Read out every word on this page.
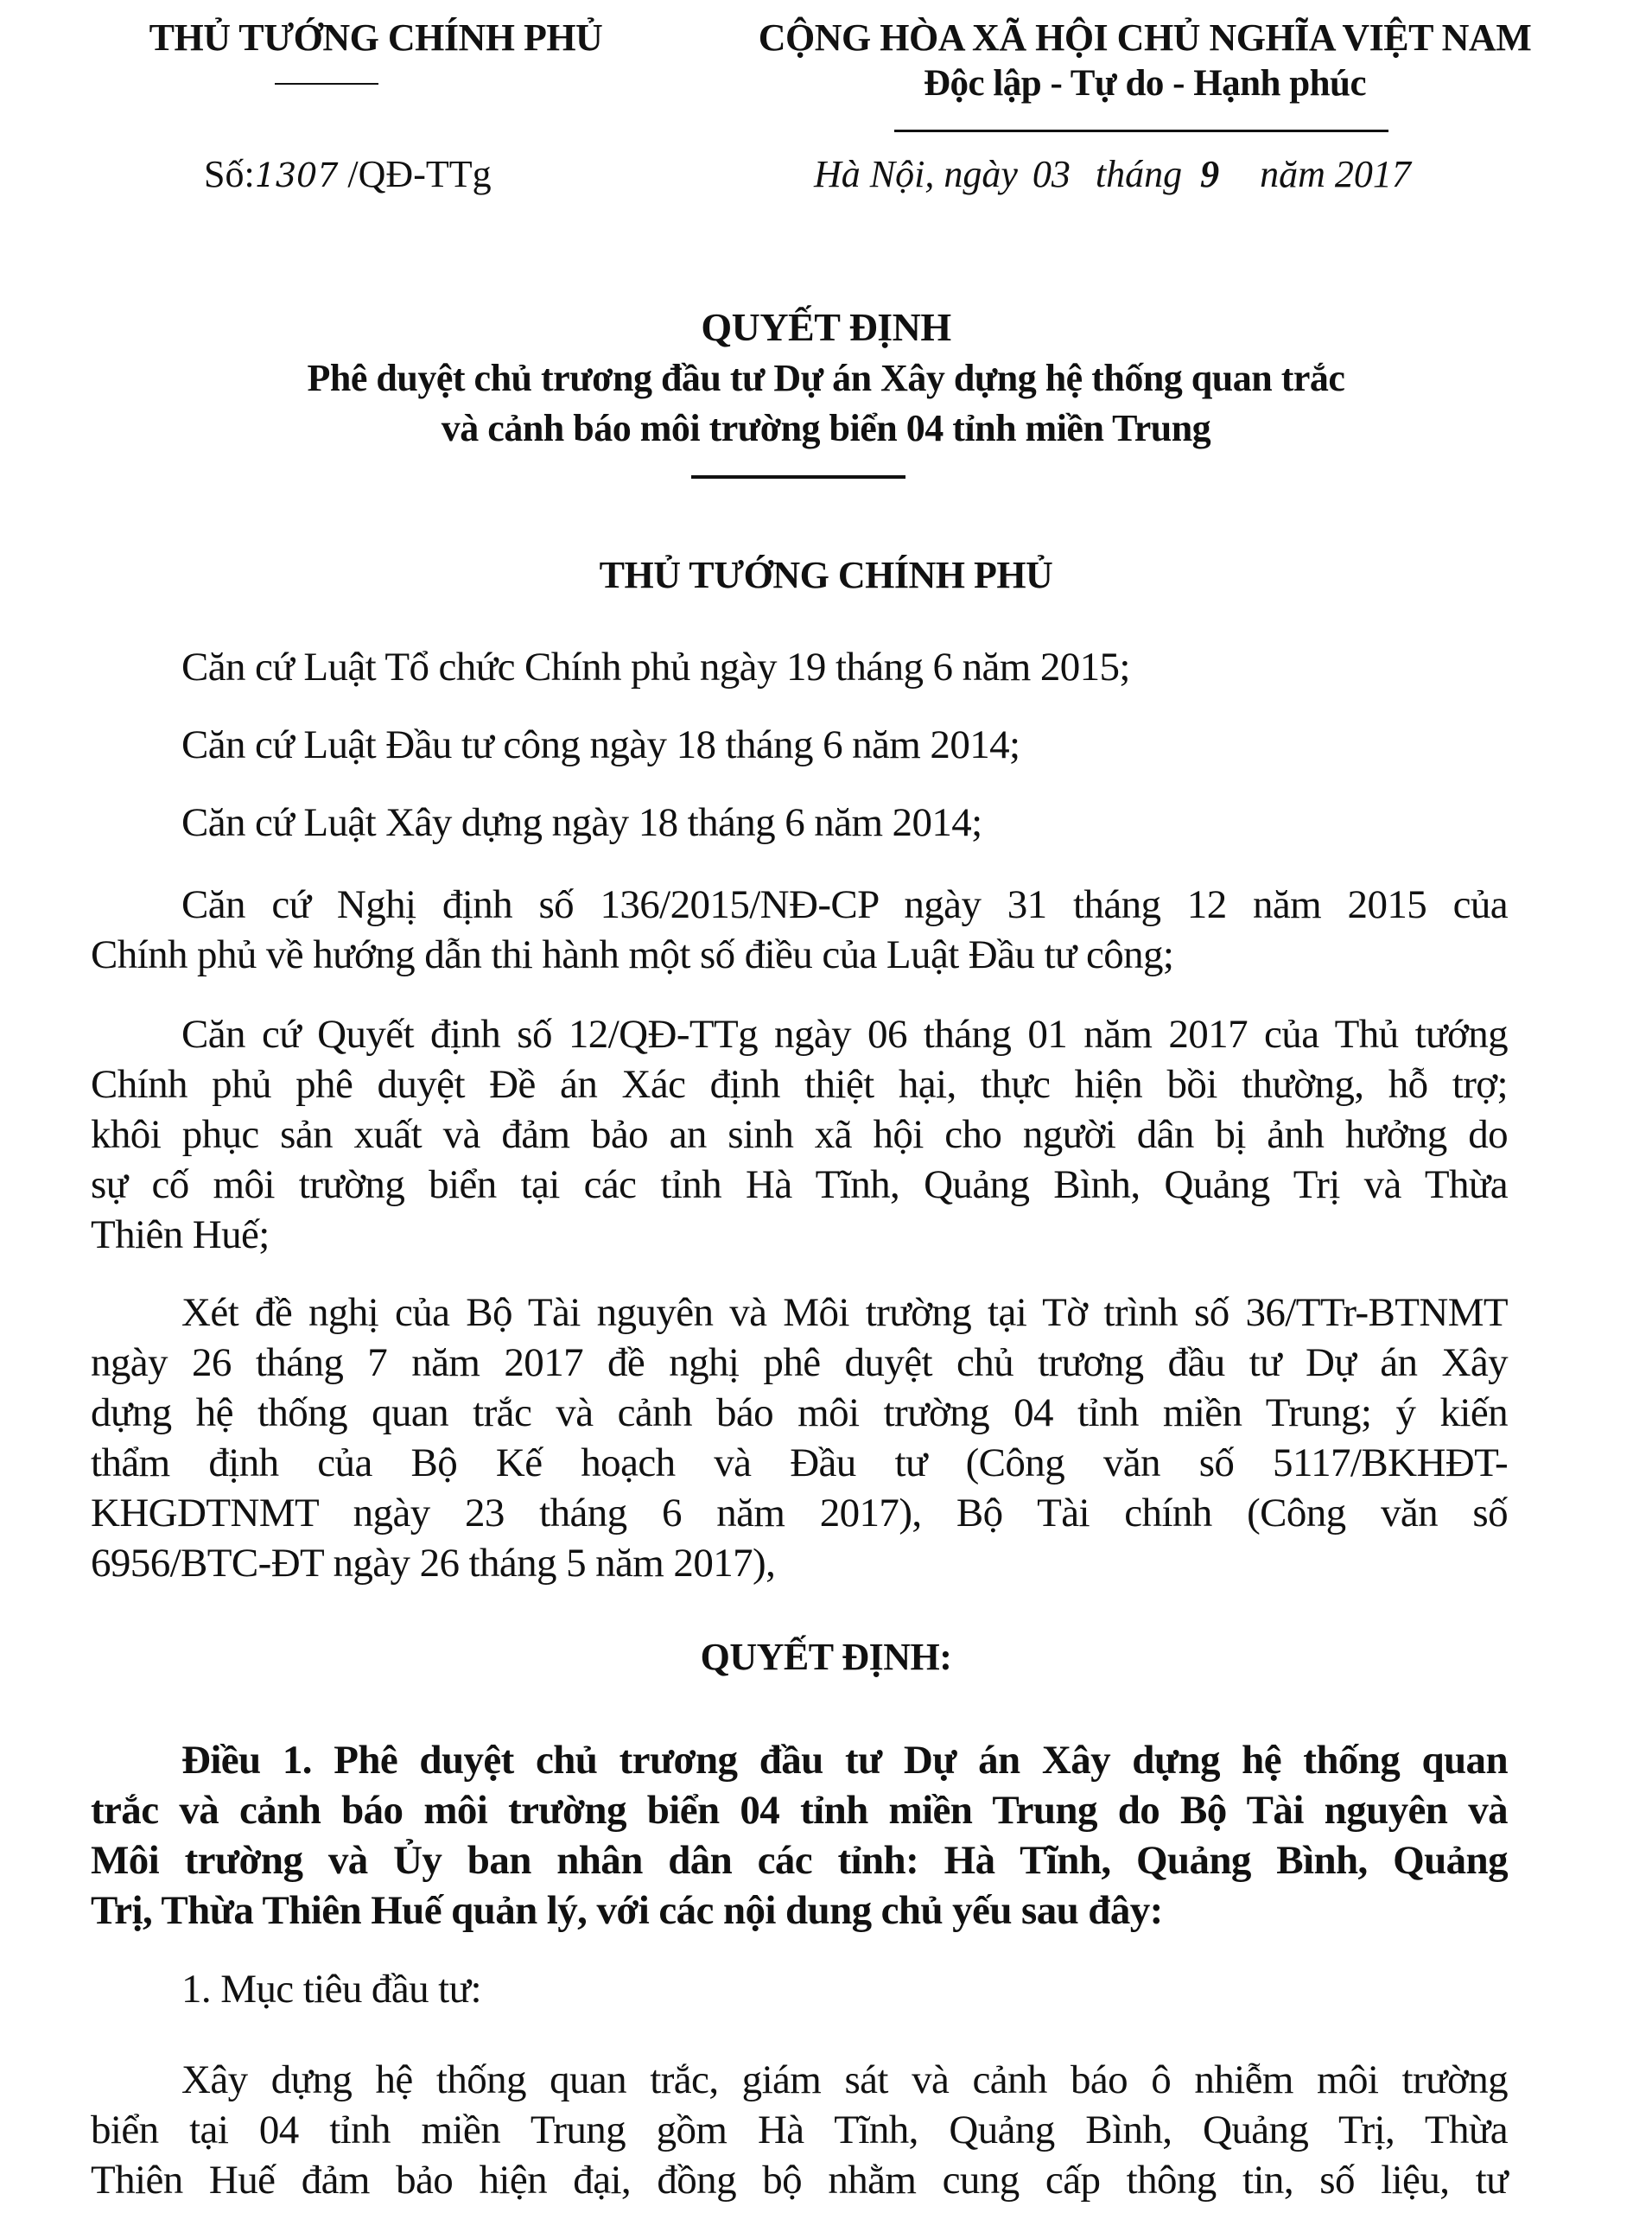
THỦ TƯỚNG CHÍNH PHỦ	CỘNG HÒA XÃ HỘI CHỦ NGHĨA VIỆT NAM
Độc lập - Tự do - Hạnh phúc
Số:1307 /QĐ-TTg	Hà Nội, ngày 03 tháng 9 năm 2017
QUYẾT ĐỊNH
Phê duyệt chủ trương đầu tư Dự án Xây dựng hệ thống quan trắc
và cảnh báo môi trường biển 04 tỉnh miền Trung
THỦ TƯỚNG CHÍNH PHỦ
Căn cứ Luật Tổ chức Chính phủ ngày 19 tháng 6 năm 2015;
Căn cứ Luật Đầu tư công ngày 18 tháng 6 năm 2014;
Căn cứ Luật Xây dựng ngày 18 tháng 6 năm 2014;
Căn cứ Nghị định số 136/2015/NĐ-CP ngày 31 tháng 12 năm 2015 của
Chính phủ về hướng dẫn thi hành một số điều của Luật Đầu tư công;
Căn cứ Quyết định số 12/QĐ-TTg ngày 06 tháng 01 năm 2017 của Thủ tướng
Chính phủ phê duyệt Đề án Xác định thiệt hại, thực hiện bồi thường, hỗ trợ;
khôi phục sản xuất và đảm bảo an sinh xã hội cho người dân bị ảnh hưởng do
sự cố môi trường biển tại các tỉnh Hà Tĩnh, Quảng Bình, Quảng Trị và Thừa
Thiên Huế;
Xét đề nghị của Bộ Tài nguyên và Môi trường tại Tờ trình số 36/TTr-BTNMT
ngày 26 tháng 7 năm 2017 đề nghị phê duyệt chủ trương đầu tư Dự án Xây
dựng hệ thống quan trắc và cảnh báo môi trường 04 tỉnh miền Trung; ý kiến
thẩm định của Bộ Kế hoạch và Đầu tư (Công văn số 5117/BKHĐT-
KHGDTNMT ngày 23 tháng 6 năm 2017), Bộ Tài chính (Công văn số
6956/BTC-ĐT ngày 26 tháng 5 năm 2017),
QUYẾT ĐỊNH:
Điều 1. Phê duyệt chủ trương đầu tư Dự án Xây dựng hệ thống quan
trắc và cảnh báo môi trường biển 04 tỉnh miền Trung do Bộ Tài nguyên và
Môi trường và Ủy ban nhân dân các tỉnh: Hà Tĩnh, Quảng Bình, Quảng
Trị, Thừa Thiên Huế quản lý, với các nội dung chủ yếu sau đây:
1. Mục tiêu đầu tư:
Xây dựng hệ thống quan trắc, giám sát và cảnh báo ô nhiễm môi trường
biển tại 04 tỉnh miền Trung gồm Hà Tĩnh, Quảng Bình, Quảng Trị, Thừa
Thiên Huế đảm bảo hiện đại, đồng bộ nhằm cung cấp thông tin, số liệu, tư
